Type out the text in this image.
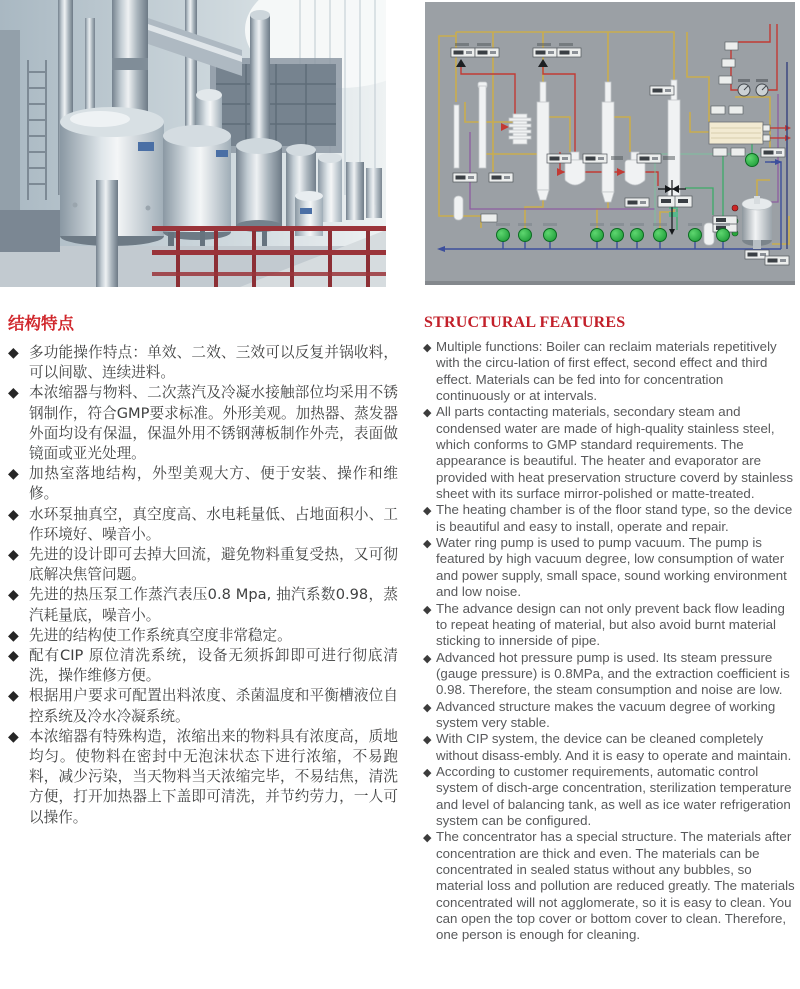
结构特点
◆ 多功能操作特点：单效、二效、三效可以反复并锅收料，可以间歇、连续进料。
◆ 本浓缩器与物料、二次蒸汽及冷凝水接触部位均采用不锈钢制作，符合GMP要求标准。外形美观。加热器、蒸发器外面均设有保温，保温外用不锈钢薄板制作外壳，表面做镜面或亚光处理。
◆ 加热室落地结构，外型美观大方、便于安装、操作和维修。
◆ 水环泵抽真空，真空度高、水电耗量低、占地面积小、工作环境好、噪音小。
◆ 先进的设计即可去掉大回流，避免物料重复受热，又可彻底解决焦管问题。
◆ 先进的热压泵工作蒸汽表压0.8 Mpa, 抽汽系数0.98，蒸汽耗量底，噪音小。
◆ 先进的结构使工作系统真空度非常稳定。
◆ 配有CIP 原位清洗系统，设备无须拆卸即可进行彻底清洗，操作维修方便。
◆ 根据用户要求可配置出料浓度、杀菌温度和平衡槽液位自控系统及冷水冷凝系统。
◆ 本浓缩器有特殊构造，浓缩出来的物料具有浓度高，质地均匀。使物料在密封中无泡沫状态下进行浓缩，不易跑料，减少污染，当天物料当天浓缩完毕，不易结焦，清洗方便，打开加热器上下盖即可清洗，并节约劳力，一人可以操作。
STRUCTURAL FEATURES
◆ Multiple functions: Boiler can reclaim materials repetitively with the circu-lation of first effect, second effect and third effect. Materials can be fed into for concentration continuously or at intervals.
◆ All parts contacting materials, secondary steam and condensed water are made of high-quality stainless steel, which conforms to GMP standard requirements. The appearance is beautiful. The heater and evaporator are provided with heat preservation structure coverd by stainless sheet with its surface mirror-polished or matte-treated.
◆ The heating chamber is of the floor stand type, so the device is beautiful and easy to install, operate and repair.
◆ Water ring pump is used to pump vacuum. The pump is featured by high vacuum degree, low consumption of water and power supply, small space, sound working environment and low noise.
◆ The advance design can not only prevent back flow leading to repeat heating of material, but also avoid burnt material sticking to innerside of pipe.
◆ Advanced hot pressure pump is used. Its steam pressure (gauge pressure) is 0.8MPa, and the extraction coefficient is 0.98. Therefore, the steam consumption and noise are low.
◆ Advanced structure makes the vacuum degree of working system very stable.
◆ With CIP system, the device can be cleaned completely without disass-embly. And it is easy to operate and maintain.
◆ According to customer requirements, automatic control system of disch-arge concentration, sterilization temperature and level of balancing tank, as well as ice water refrigeration system can be configured.
◆ The concentrator has a special structure. The materials after concentration are thick and even. The materials can be concentrated in sealed status without any bubbles, so material loss and pollution are reduced greatly. The materials concentrated will not agglomerate, so it is easy to clean. You can open the top cover or bottom cover to clean. Therefore, one person is enough for cleaning.
